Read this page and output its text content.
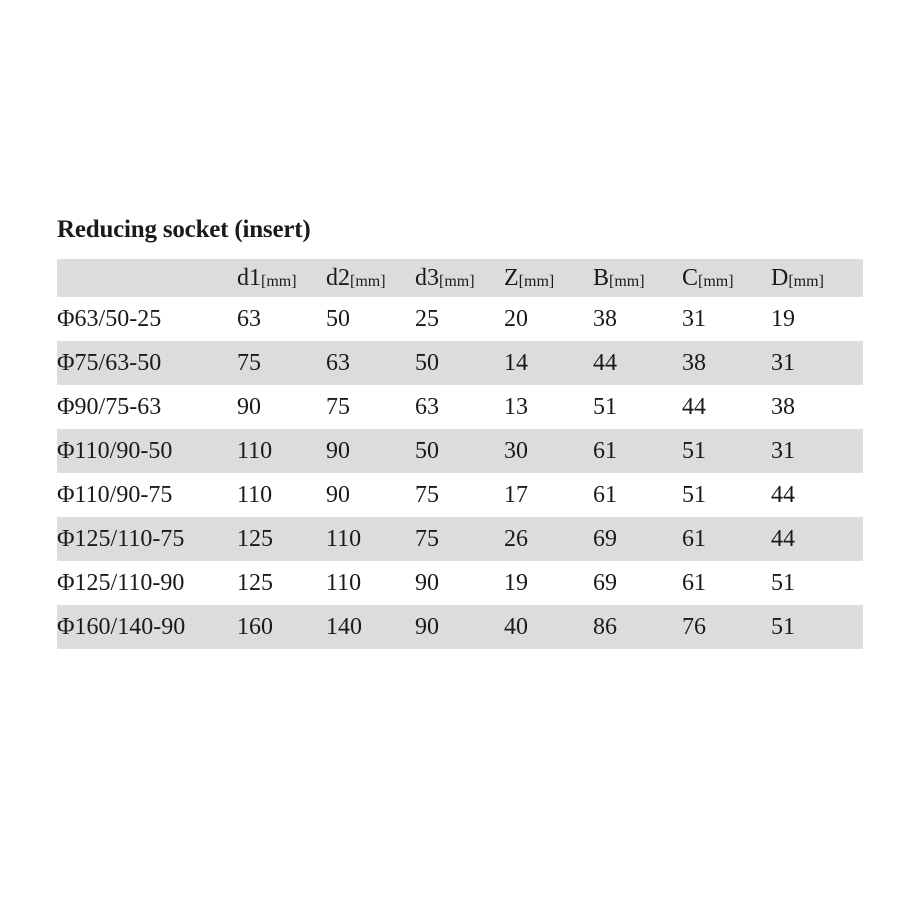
Reducing socket (insert)
	d1[mm]	d2[mm]	d3[mm]	Z[mm]	B[mm]	C[mm]	D[mm]
Φ63/50-25	63	50	25	20	38	31	19
Φ75/63-50	75	63	50	14	44	38	31
Φ90/75-63	90	75	63	13	51	44	38
Φ110/90-50	110	90	50	30	61	51	31
Φ110/90-75	110	90	75	17	61	51	44
Φ125/110-75	125	110	75	26	69	61	44
Φ125/110-90	125	110	90	19	69	61	51
Φ160/140-90	160	140	90	40	86	76	51
